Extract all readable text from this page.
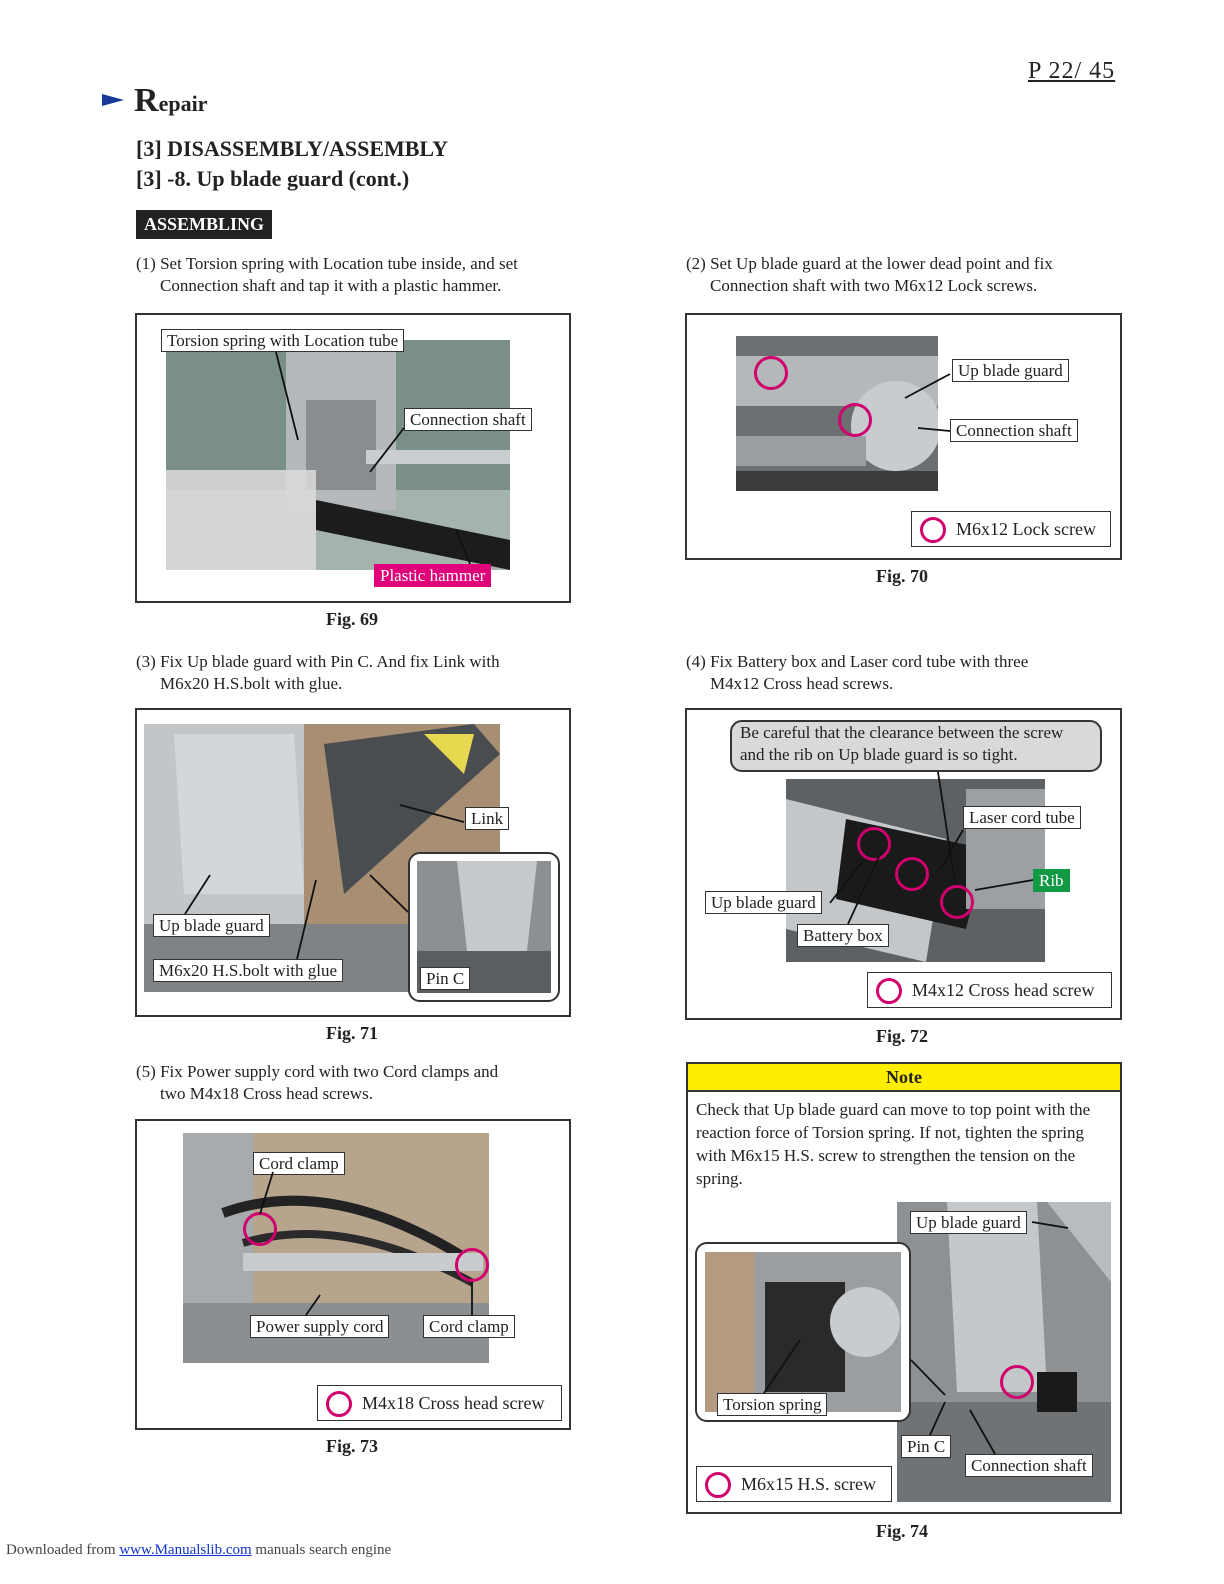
P 22/ 45
Repair
[3] DISASSEMBLY/ASSEMBLY
[3] -8. Up blade guard (cont.)
ASSEMBLING
(1) Set Torsion spring with Location tube inside, and set
Connection shaft and tap it with a plastic hammer.
(2) Set Up blade guard at the lower dead point and fix
Connection shaft with two M6x12 Lock screws.
Torsion spring with Location tube
Connection shaft
Plastic hammer
Fig. 69
Up blade guard
Connection shaft
M6x12 Lock screw
Fig. 70
(3) Fix Up blade guard with Pin C. And fix Link with
M6x20 H.S.bolt with glue.
(4) Fix Battery box and Laser cord tube with three
M4x12 Cross head screws.
Link
Up blade guard
M6x20 H.S.bolt with glue	Pin C
Fig. 71
Be careful that the clearance between the screw
and the rib on Up blade guard is so tight.
Laser cord tube
Rib
Up blade guard
Battery box
M4x12 Cross head screw
Fig. 72
(5) Fix Power supply cord with two Cord clamps and
two M4x18 Cross head screws.
Cord clamp
Power supply cord	Cord clamp
M4x18 Cross head screw
Fig. 73
Note
Check that Up blade guard can move to top point with the reaction force of Torsion spring. If not, tighten the spring with M6x15 H.S. screw to strengthen the tension on the spring.
Up blade guard
Torsion spring
Pin C
Connection shaft
M6x15 H.S. screw
Fig. 74
Downloaded from www.Manualslib.com manuals search engine
